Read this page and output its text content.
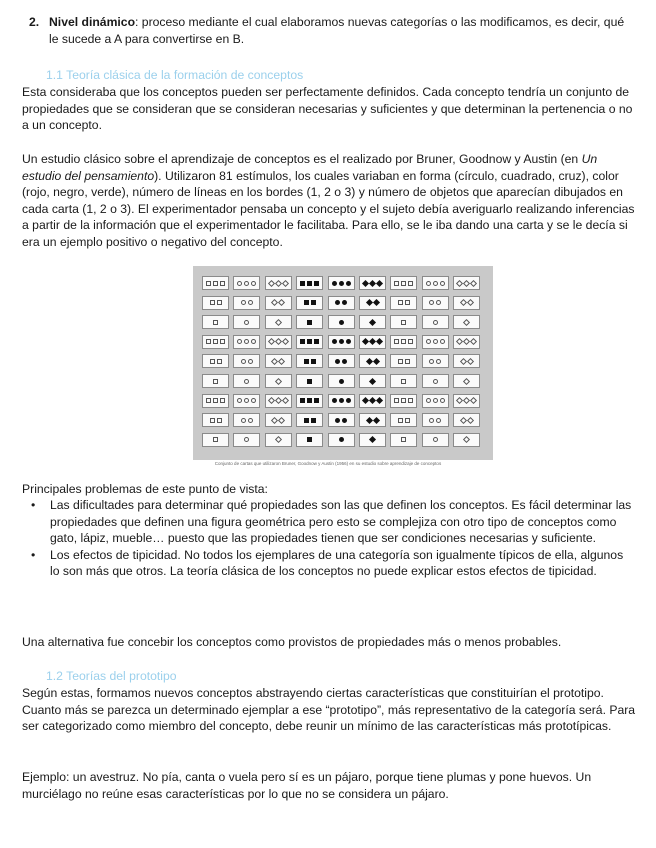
2. Nivel dinámico: proceso mediante el cual elaboramos nuevas categorías o las modificamos, es decir, qué le sucede a A para convertirse en B.
1.1 Teoría clásica de la formación de conceptos

Esta consideraba que los conceptos pueden ser perfectamente definidos. Cada concepto tendría un conjunto de propiedades que se consideran que se consideran necesarias y suficientes y que determinan la pertenencia o no a un concepto.

Un estudio clásico sobre el aprendizaje de conceptos es el realizado por Bruner, Goodnow y Austin (en Un estudio del pensamiento). Utilizaron 81 estímulos, los cuales variaban en forma (círculo, cuadrado, cruz), color (rojo, negro, verde), número de líneas en los bordes (1, 2 o 3) y número de objetos que aparecían dibujados en cada carta (1, 2 o 3). El experimentador pensaba un concepto y el sujeto debía averiguarlo realizando inferencias a partir de la información que el experimentador le facilitaba. Para ello, se le iba dando una carta y se le decía si era un ejemplo positivo o negativo del concepto.

Conjunto de cartas que utilizaron Bruner, Goodnow y Austin (1956) en su estudio sobre aprendizaje de conceptos

Principales problemas de este punto de vista:

• Las dificultades para determinar qué propiedades son las que definen los conceptos. Es fácil determinar las propiedades que definen una figura geométrica pero esto se complejiza con otro tipo de conceptos como gato, lápiz, mueble… puesto que las propiedades tienen que ser condiciones necesarias y suficiente.
• Los efectos de tipicidad. No todos los ejemplares de una categoría son igualmente típicos de ella, algunos lo son más que otros. La teoría clásica de los conceptos no puede explicar estos efectos de tipicidad.

Una alternativa fue concebir los conceptos como provistos de propiedades más o menos probables.

1.2 Teorías del prototipo

Según estas, formamos nuevos conceptos abstrayendo ciertas características que constituirían el prototipo. Cuanto más se parezca un determinado ejemplar a ese “prototipo”, más representativo de la categoría será. Para ser categorizado como miembro del concepto, debe reunir un mínimo de las características más prototípicas.

Ejemplo: un avestruz. No pía, canta o vuela pero sí es un pájaro, porque tiene plumas y pone huevos. Un murciélago no reúne esas características por lo que no se considera un pájaro.
